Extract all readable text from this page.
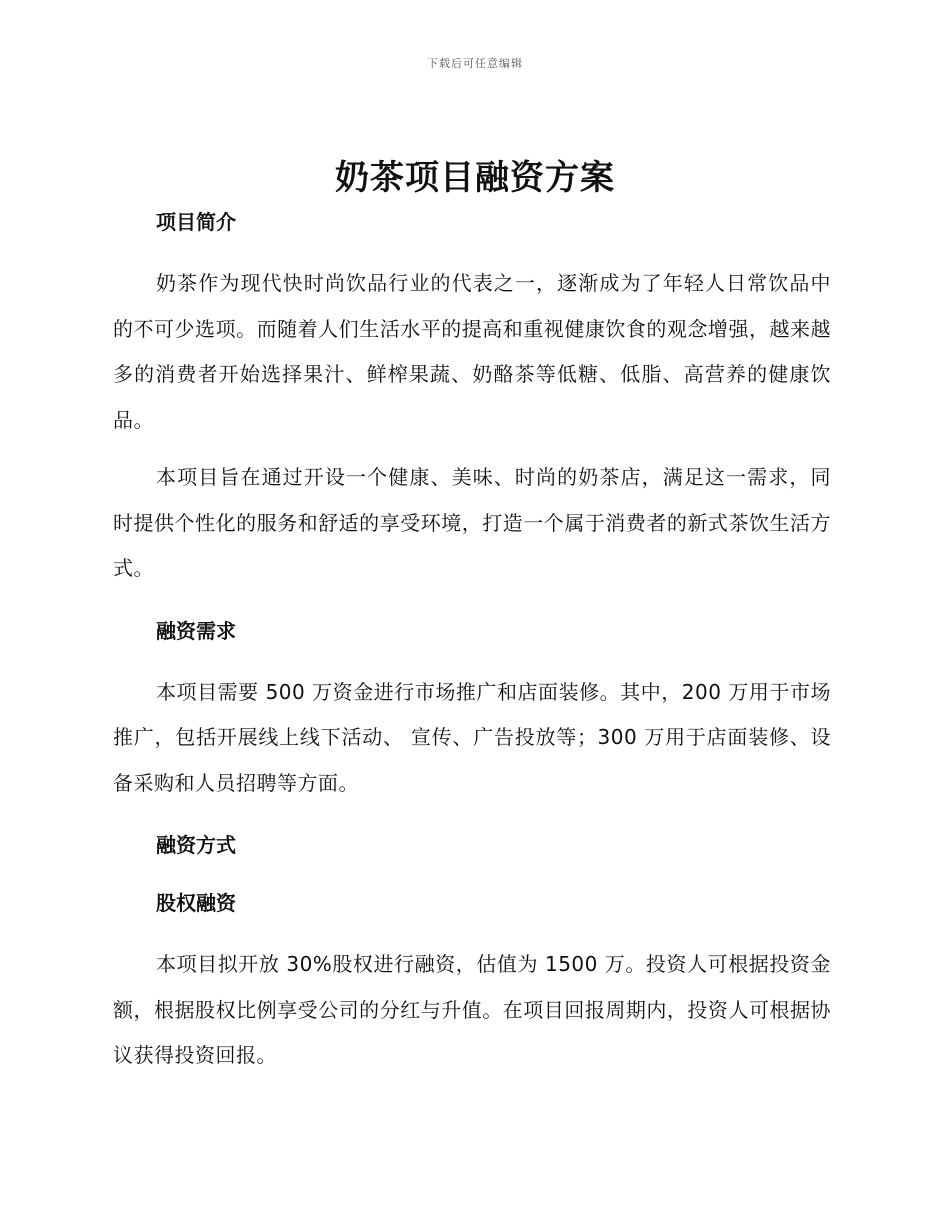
下载后可任意编辑
奶茶项目融资方案
项目简介

奶茶作为现代快时尚饮品行业的代表之一，逐渐成为了年轻人日常饮品中的不可少选项。而随着人们生活水平的提高和重视健康饮食的观念增强，越来越多的消费者开始选择果汁、鲜榨果蔬、奶酪茶等低糖、低脂、高营养的健康饮品。

本项目旨在通过开设一个健康、美味、时尚的奶茶店，满足这一需求，同时提供个性化的服务和舒适的享受环境，打造一个属于消费者的新式茶饮生活方式。

融资需求

本项目需要 500 万资金进行市场推广和店面装修。其中，200 万用于市场推广，包括开展线上线下活动、 宣传、广告投放等；300 万用于店面装修、设备采购和人员招聘等方面。

融资方式
股权融资

本项目拟开放 30%股权进行融资，估值为 1500 万。投资人可根据投资金额，根据股权比例享受公司的分红与升值。在项目回报周期内，投资人可根据协议获得投资回报。
